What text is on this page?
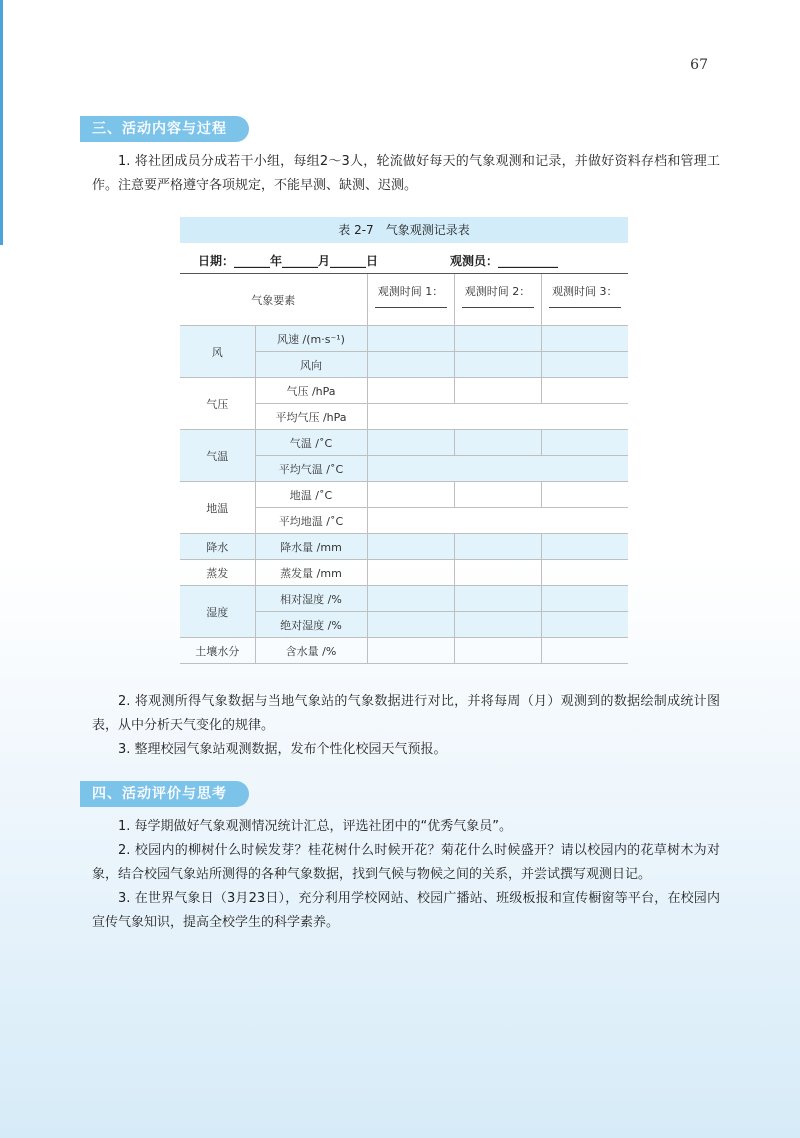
67
三、活动内容与过程

1. 将社团成员分成若干小组，每组2～3人，轮流做好每天的气象观测和记录，并做好资料存档和管理工作。注意要严格遵守各项规定，不能早测、缺测、迟测。

表 2-7　气象观测记录表
日期：______年______月______日	观测员：__________
气象要素		观测时间 1：	观测时间 2：	观测时间 3：

风	风速 /(m·s⁻¹)			
	风向			
气压	气压 /hPa			
	平均气压 /hPa			
气温	气温 /˚C			
	平均气温 /˚C			
地温	地温 /˚C			
	平均地温 /˚C			
降水	降水量 /mm			
蒸发	蒸发量 /mm			
湿度	相对湿度 /%			
	绝对湿度 /%			
土壤水分	含水量 /%			

2. 将观测所得气象数据与当地气象站的气象数据进行对比，并将每周（月）观测到的数据绘制成统计图表，从中分析天气变化的规律。

3. 整理校园气象站观测数据，发布个性化校园天气预报。

四、活动评价与思考

1. 每学期做好气象观测情况统计汇总，评选社团中的“优秀气象员”。

2. 校园内的柳树什么时候发芽？桂花树什么时候开花？菊花什么时候盛开？请以校园内的花草树木为对象，结合校园气象站所测得的各种气象数据，找到气候与物候之间的关系，并尝试撰写观测日记。

3. 在世界气象日（3月23日），充分利用学校网站、校园广播站、班级板报和宣传橱窗等平台，在校园内宣传气象知识，提高全校学生的科学素养。
